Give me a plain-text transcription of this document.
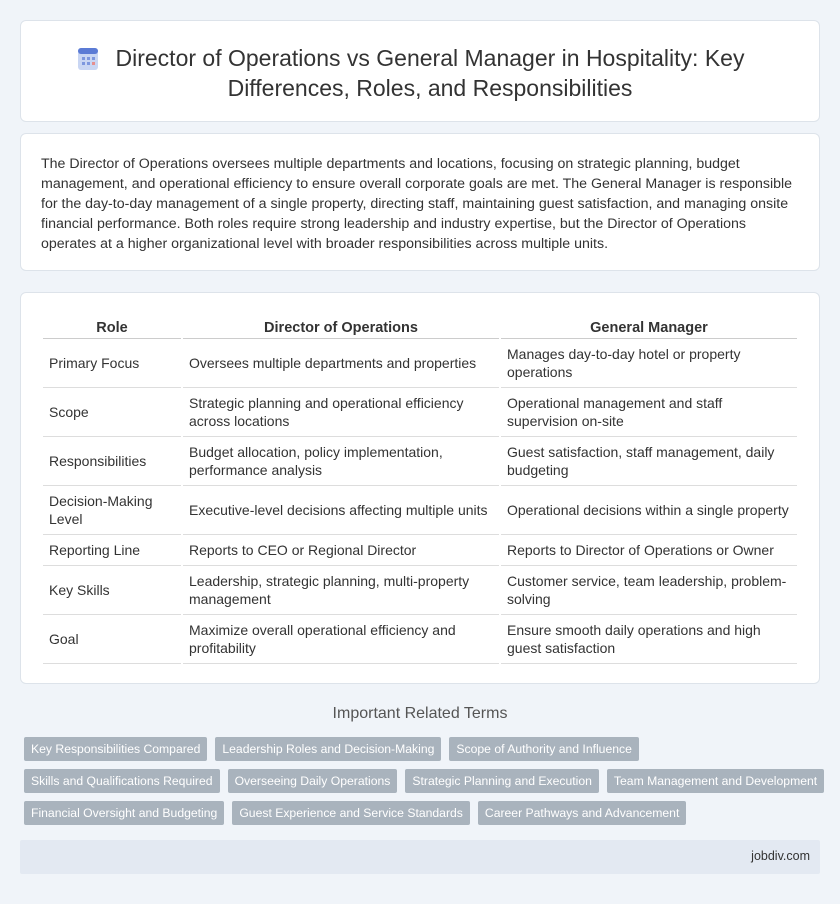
Director of Operations vs General Manager in Hospitality: Key Differences, Roles, and Responsibilities

The Director of Operations oversees multiple departments and locations, focusing on strategic planning, budget management, and operational efficiency to ensure overall corporate goals are met. The General Manager is responsible for the day-to-day management of a single property, directing staff, maintaining guest satisfaction, and managing onsite financial performance. Both roles require strong leadership and industry expertise, but the Director of Operations operates at a higher organizational level with broader responsibilities across multiple units.

Role	Director of Operations	General Manager
Primary Focus	Oversees multiple departments and properties	Manages day-to-day hotel or property operations
Scope	Strategic planning and operational efficiency across locations	Operational management and staff supervision on-site
Responsibilities	Budget allocation, policy implementation, performance analysis	Guest satisfaction, staff management, daily budgeting
Decision-Making Level	Executive-level decisions affecting multiple units	Operational decisions within a single property
Reporting Line	Reports to CEO or Regional Director	Reports to Director of Operations or Owner
Key Skills	Leadership, strategic planning, multi-property management	Customer service, team leadership, problem-solving
Goal	Maximize overall operational efficiency and profitability	Ensure smooth daily operations and high guest satisfaction
Important Related Terms
Key Responsibilities Compared	Leadership Roles and Decision-Making	Scope of Authority and Influence
Skills and Qualifications Required	Overseeing Daily Operations	Strategic Planning and Execution	Team Management and Development
Financial Oversight and Budgeting	Guest Experience and Service Standards	Career Pathways and Advancement
jobdiv.com
